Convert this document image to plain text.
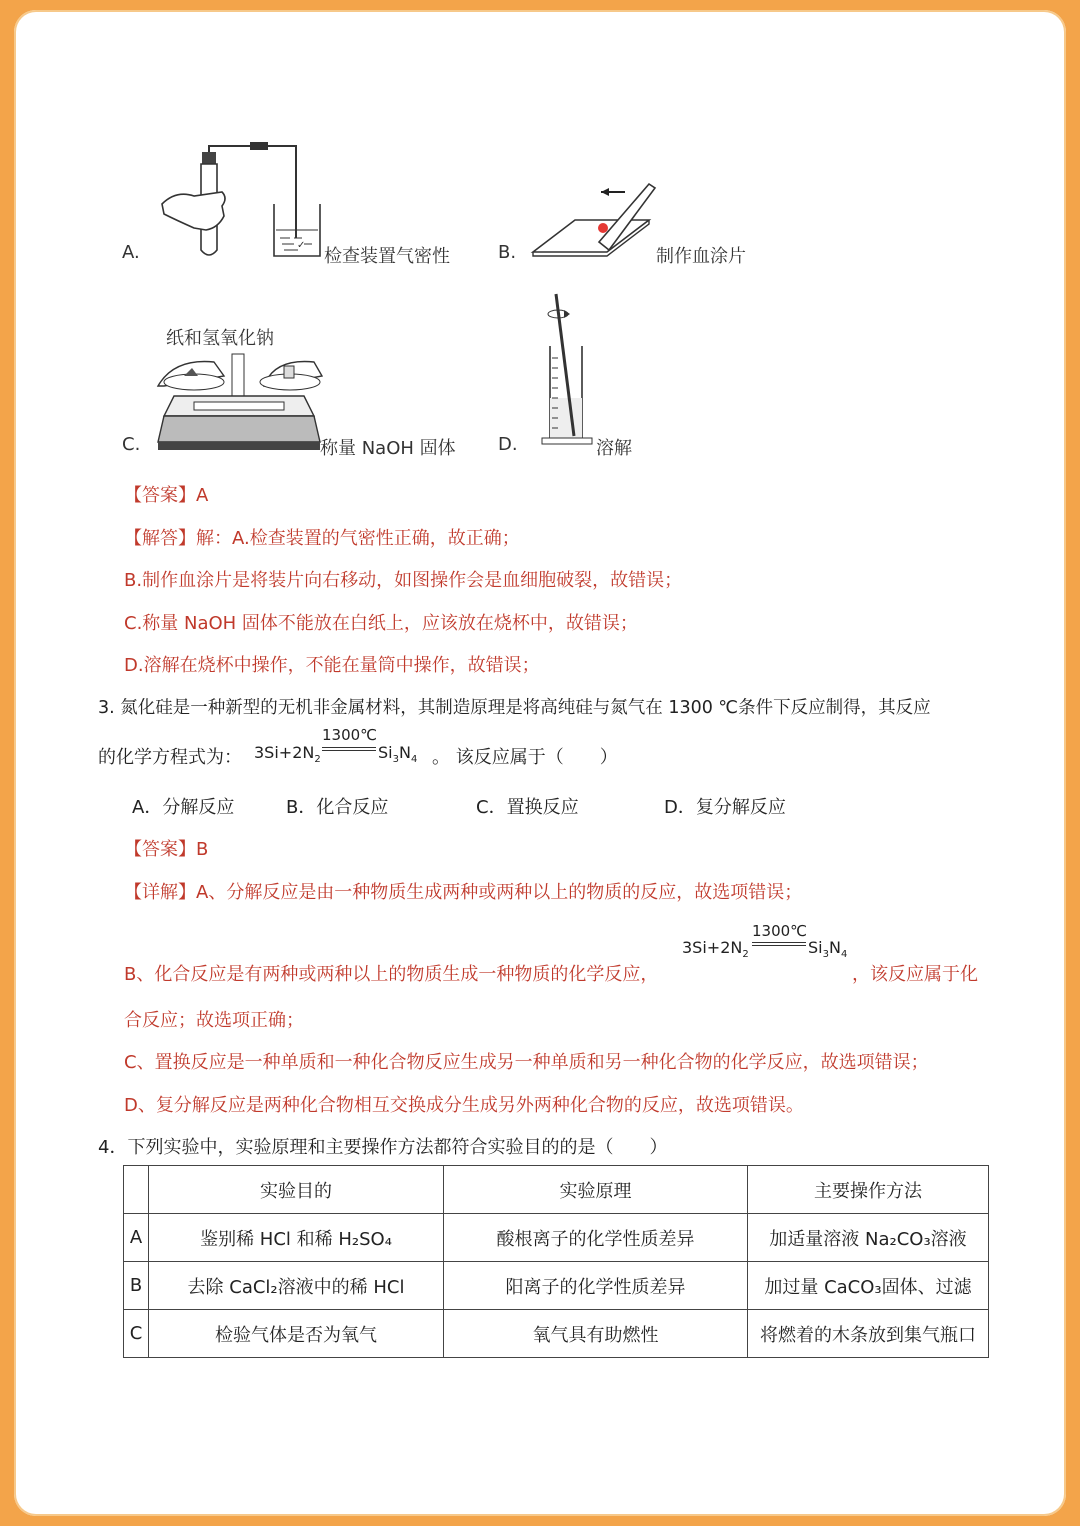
✓
A.	检查装置气密性	B.	制作血涂片
纸和氢氧化钠
C.	称量 NaOH 固体 D.	溶解
【答案】A
【解答】解：A.检查装置的气密性正确，故正确；
B.制作血涂片是将装片向右移动，如图操作会是血细胞破裂，故错误；
C.称量 NaOH 固体不能放在白纸上，应该放在烧杯中，故错误；
D.溶解在烧杯中操作，不能在量筒中操作，故错误；
3. 氮化硅是一种新型的无机非金属材料，其制造原理是将高纯硅与氮气在 1300 ℃条件下反应制得，其反应
的化学方程式为： $3Si+2N_2$
1300℃
$Si_3N_4$ 。 该反应属于（　　）
A．分解反应	B．化合反应	C．置换反应	D．复分解反应
【答案】B
【详解】A、分解反应是由一种物质生成两种或两种以上的物质的反应，故选项错误；
B、化合反应是有两种或两种以上的物质生成一种物质的化学反应，
$3Si+2N_2$
1300℃
$Si_3N_4$
，该反应属于化
合反应；故选项正确；
C、置换反应是一种单质和一种化合物反应生成另一种单质和另一种化合物的化学反应，故选项错误；
D、复分解反应是两种化合物相互交换成分生成另外两种化合物的反应，故选项错误。
4．下列实验中，实验原理和主要操作方法都符合实验目的的是（　　）
	实验目的	实验原理	主要操作方法
A	鉴别稀 HCl 和稀 H₂SO₄	酸根离子的化学性质差异	加适量溶液 Na₂CO₃溶液
B	去除 CaCl₂溶液中的稀 HCl	阳离子的化学性质差异	加过量 CaCO₃固体、过滤
C	检验气体是否为氧气	氧气具有助燃性	将燃着的木条放到集气瓶口
